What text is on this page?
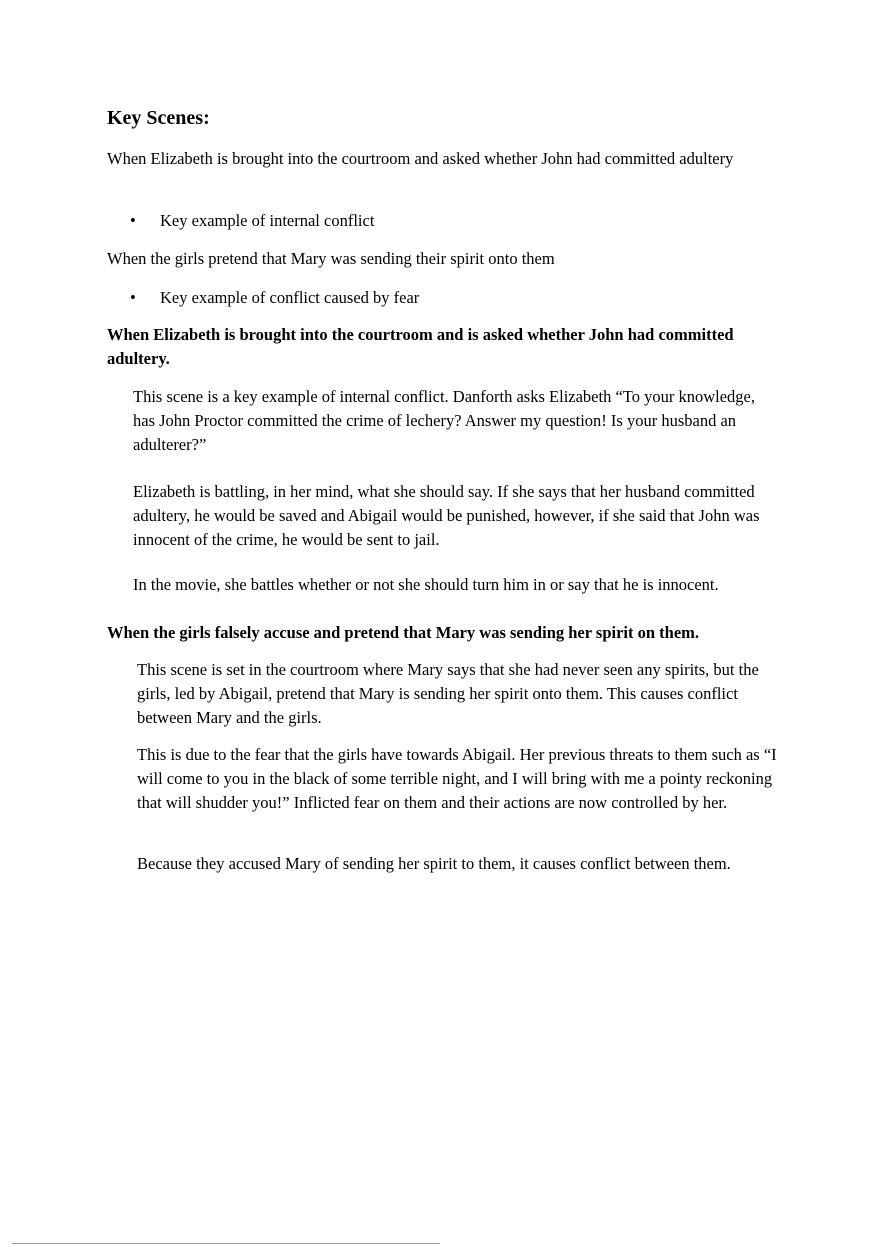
Key Scenes:

When Elizabeth is brought into the courtroom and asked whether John had committed adultery

•	Key example of internal conflict

When the girls pretend that Mary was sending their spirit onto them

•	Key example of conflict caused by fear

When Elizabeth is brought into the courtroom and is asked whether John had committed adultery.

This scene is a key example of internal conflict. Danforth asks Elizabeth “To your knowledge, has John Proctor committed the crime of lechery? Answer my question! Is your husband an adulterer?”

Elizabeth is battling, in her mind, what she should say. If she says that her husband committed adultery, he would be saved and Abigail would be punished, however, if she said that John was innocent of the crime, he would be sent to jail.

In the movie, she battles whether or not she should turn him in or say that he is innocent.

When the girls falsely accuse and pretend that Mary was sending her spirit on them.

This scene is set in the courtroom where Mary says that she had never seen any spirits, but the girls, led by Abigail, pretend that Mary is sending her spirit onto them. This causes conflict between Mary and the girls.

This is due to the fear that the girls have towards Abigail. Her previous threats to them such as “I will come to you in the black of some terrible night, and I will bring with me a pointy reckoning that will shudder you!” Inflicted fear on them and their actions are now controlled by her.

Because they accused Mary of sending her spirit to them, it causes conflict between them.
